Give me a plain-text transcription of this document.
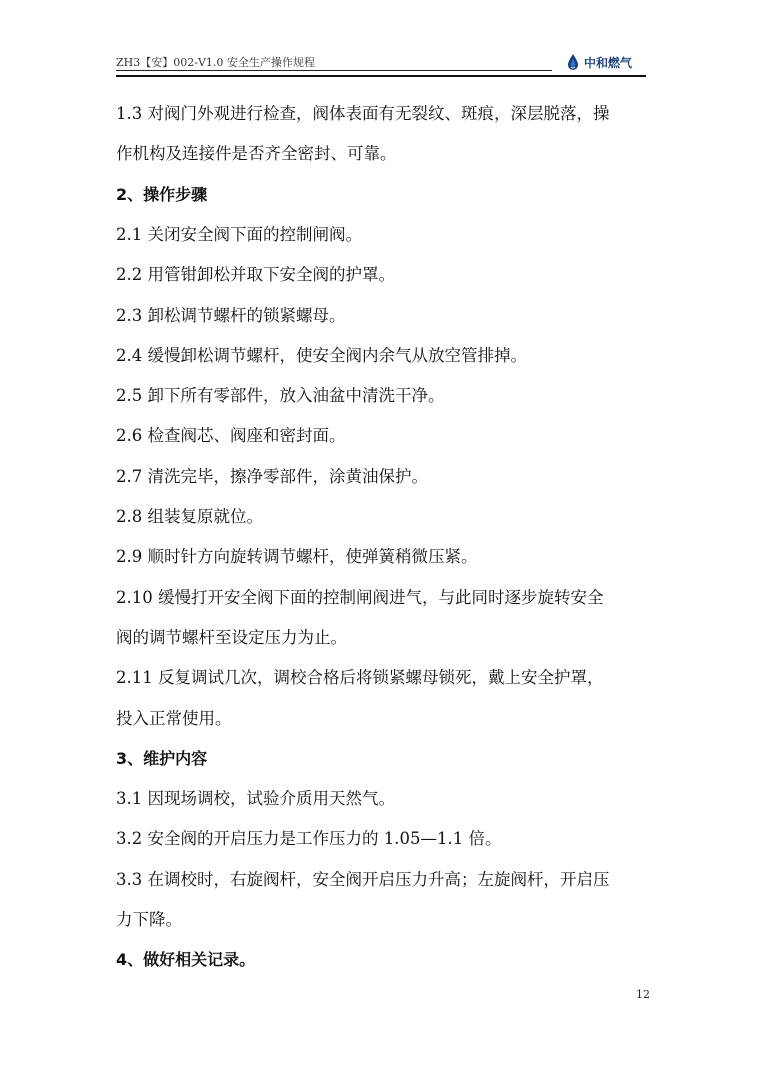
ZH3【安】002-V1.0 安全生产操作规程	中和燃气
1.3 对阀门外观进行检查，阀体表面有无裂纹、斑痕，深层脱落，操
作机构及连接件是否齐全密封、可靠。
2、操作步骤
2.1 关闭安全阀下面的控制闸阀。
2.2 用管钳卸松并取下安全阀的护罩。
2.3 卸松调节螺杆的锁紧螺母。
2.4 缓慢卸松调节螺杆，使安全阀内余气从放空管排掉。
2.5 卸下所有零部件，放入油盆中清洗干净。
2.6 检查阀芯、阀座和密封面。
2.7 清洗完毕，擦净零部件，涂黄油保护。
2.8 组装复原就位。
2.9 顺时针方向旋转调节螺杆，使弹簧稍微压紧。
2.10 缓慢打开安全阀下面的控制闸阀进气，与此同时逐步旋转安全
阀的调节螺杆至设定压力为止。
2.11 反复调试几次，调校合格后将锁紧螺母锁死，戴上安全护罩，
投入正常使用。
3、维护内容
3.1 因现场调校，试验介质用天然气。
3.2 安全阀的开启压力是工作压力的 1.05—1.1 倍。
3.3 在调校时，右旋阀杆，安全阀开启压力升高；左旋阀杆，开启压
力下降。
4、做好相关记录。
12
